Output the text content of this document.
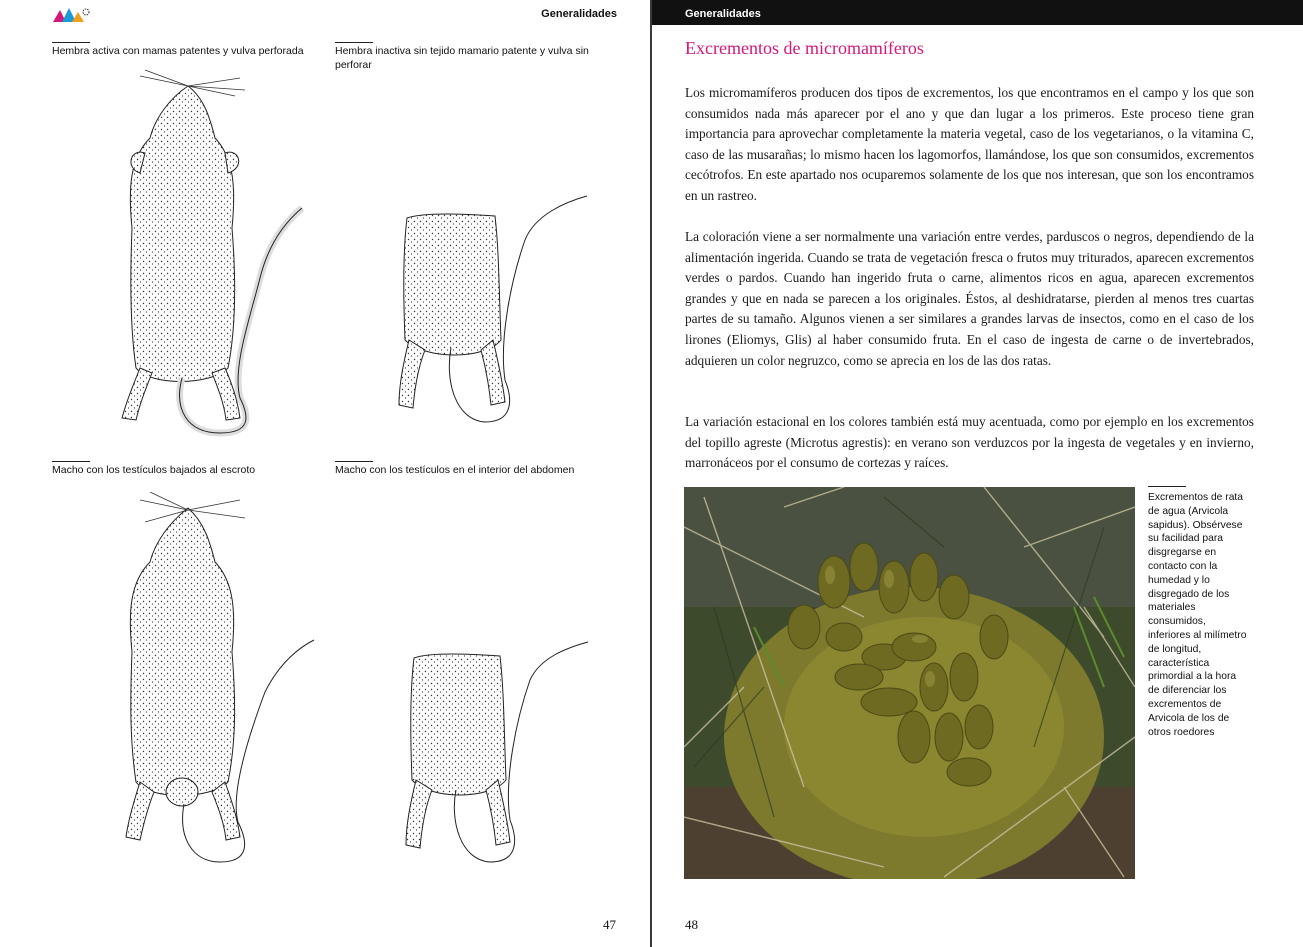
Generalidades
Hembra activa con mamas patentes y vulva perforada	Hembra inactiva sin tejido mamario patente y vulva sin perforar
Macho con los testículos bajados al escroto	Macho con los testículos en el interior del abdomen
47
Generalidades
Excrementos de micromamíferos

Los micromamíferos producen dos tipos de excrementos, los que encontramos en el campo y los que son consumidos nada más aparecer por el ano y que dan lugar a los primeros. Este proceso tiene gran importancia para aprovechar completamente la materia vegetal, caso de los vegetarianos, o la vitamina C, caso de las musarañas; lo mismo hacen los lagomorfos, llamándose, los que son consumidos, excrementos cecótrofos. En este apartado nos ocuparemos solamente de los que nos interesan, que son los encontramos en un rastreo.

La coloración viene a ser normalmente una variación entre verdes, parduscos o negros, dependiendo de la alimentación ingerida. Cuando se trata de vegetación fresca o frutos muy triturados, aparecen excrementos verdes o pardos. Cuando han ingerido fruta o carne, alimentos ricos en agua, aparecen excrementos grandes y que en nada se parecen a los originales. Éstos, al deshidratarse, pierden al menos tres cuartas partes de su tamaño. Algunos vienen a ser similares a grandes larvas de insectos, como en el caso de los lirones (Eliomys, Glis) al haber consumido fruta. En el caso de ingesta de carne o de invertebrados, adquieren un color negruzco, como se aprecia en los de las dos ratas.

La variación estacional en los colores también está muy acentuada, como por ejemplo en los excrementos del topillo agreste (Microtus agrestis): en verano son verduzcos por la ingesta de vegetales y en invierno, marronáceos por el consumo de cortezas y raíces.

Excrementos de rata de agua (Arvicola sapidus). Obsérvese su facilidad para disgregarse en contacto con la humedad y lo disgregado de los materiales consumidos, inferiores al milímetro de longitud, característica primordial a la hora de diferenciar los excrementos de Arvicola de los de otros roedores
48
